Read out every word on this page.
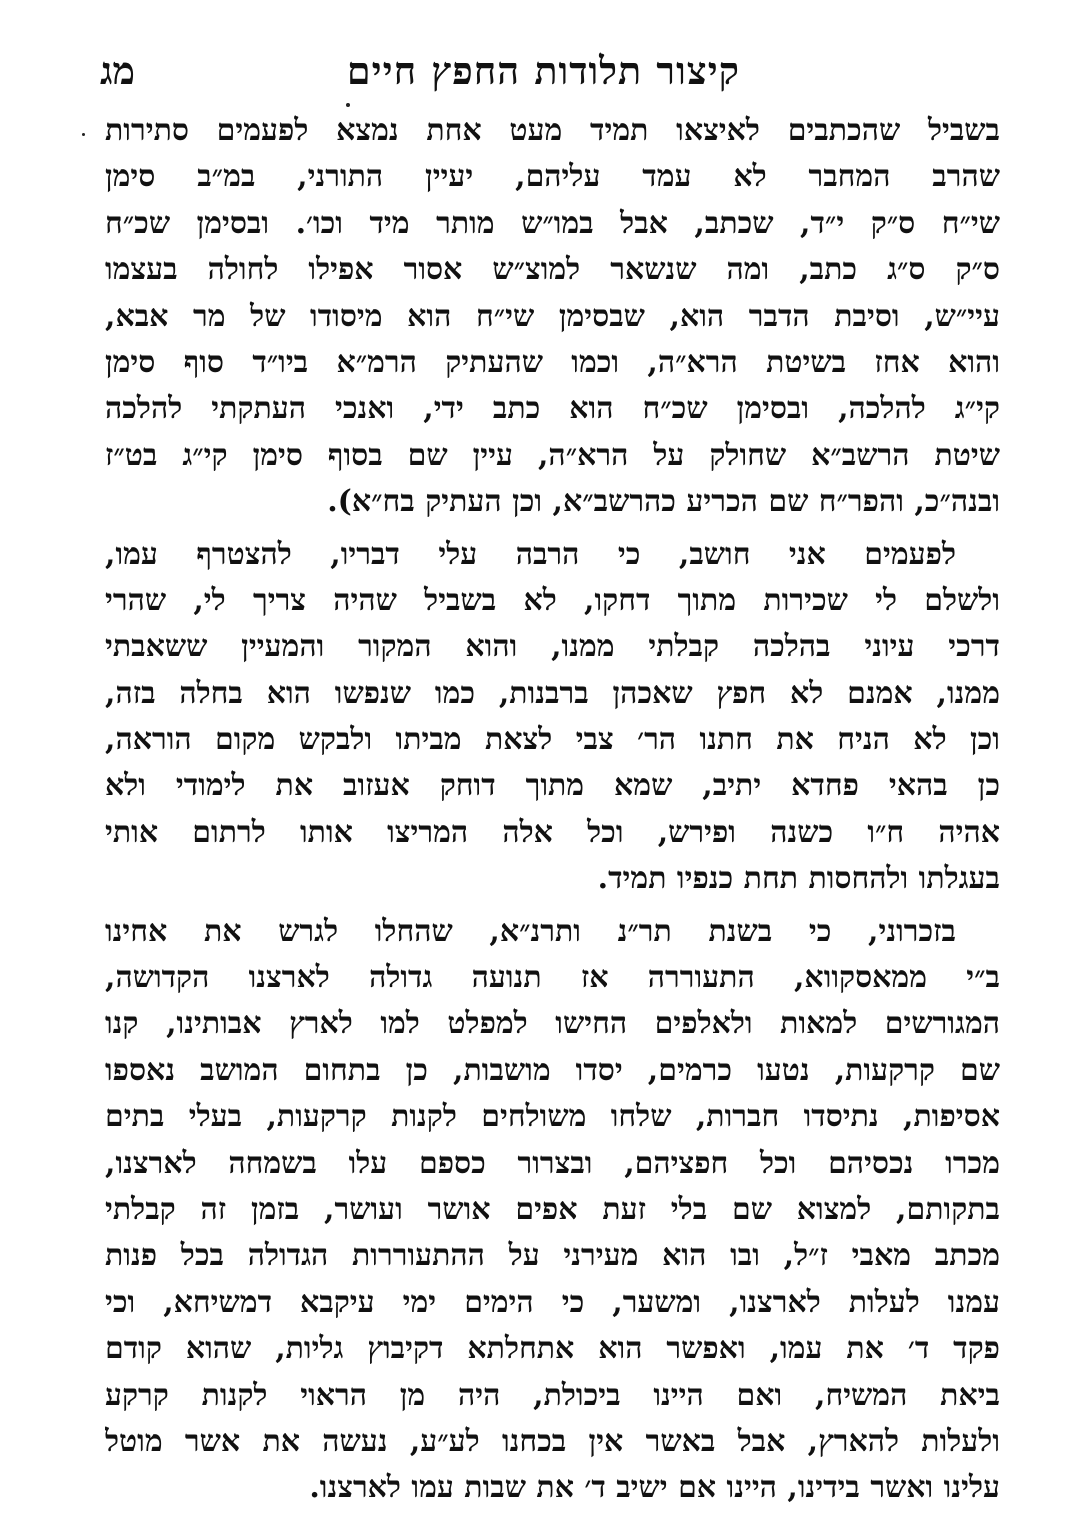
קיצור תלודות החפץ חיים
מג
בשביל שהכתבים לאיצאו תמיד מעט אחת נמצא לפעמים סתירות
שהרב המחבר לא עמד עליהם, יעיין התורני, במ״ב סימן
שי״ח ס״ק י״ד, שכתב, אבל במו״ש מותר מיד וכו׳. ובסימן שכ״ח
ס״ק ס״ג כתב, ומה שנשאר למוצ״ש אסור אפילו לחולה בעצמו
עיי״ש, וסיבת הדבר הוא, שבסימן שי״ח הוא מיסודו של מר אבא,
והוא אחז בשיטת הרא״ה, וכמו שהעתיק הרמ״א ביו״ד סוף סימן
קי״ג להלכה, ובסימן שכ״ח הוא כתב ידי, ואנכי העתקתי להלכה
שיטת הרשב״א שחולק על הרא״ה, עיין שם בסוף סימן קי״ג בט״ז
ובנה״כ, והפר״ח שם הכריע כהרשב״א, וכן העתיק בח״א).
לפעמים אני חושב, כי הרבה עלי דבריו, להצטרף עמו,
ולשלם לי שכירות מתוך דחקו, לא בשביל שהיה צריך לי, שהרי
דרכי עיוני בהלכה קבלתי ממנו, והוא המקור והמעיין ששאבתי
ממנו, אמנם לא חפץ שאכהן ברבנות, כמו שנפשו הוא בחלה בזה,
וכן לא הניח את חתנו הר׳ צבי לצאת מביתו ולבקש מקום הוראה,
כן בהאי פחדא יתיב, שמא מתוך דוחק אעזוב את לימודי ולא
אהיה ח״ו כשנה ופירש, וכל אלה המריצו אותו לרתום אותי
בעגלתו ולהחסות תחת כנפיו תמיד.
בזכרוני, כי בשנת תר״נ ותרנ״א, שהחלו לגרש את אחינו
ב״י ממאסקווא, התעוררה אז תנועה גדולה לארצנו הקדושה,
המגורשים למאות ולאלפים החישו למפלט למו לארץ אבותינו, קנו
שם קרקעות, נטעו כרמים, יסדו מושבות, כן בתחום המושב נאספו
אסיפות, נתיסדו חברות, שלחו משולחים לקנות קרקעות, בעלי בתים
מכרו נכסיהם וכל חפציהם, ובצרור כספם עלו בשמחה לארצנו,
בתקותם, למצוא שם בלי זעת אפים אושר ועושר, בזמן זה קבלתי
מכתב מאבי ז״ל, ובו הוא מעירני על ההתעוררות הגדולה בכל פנות
עמנו לעלות לארצנו, ומשער, כי הימים ימי עיקבא דמשיחא, וכי
פקד ד׳ את עמו, ואפשר הוא אתחלתא דקיבוץ גליות, שהוא קודם
ביאת המשיח, ואם היינו ביכולת, היה מן הראוי לקנות קרקע
ולעלות להארץ, אבל באשר אין בכחנו לע״ע, נעשה את אשר מוטל
עלינו ואשר בידינו, היינו אם ישיב ד׳ את שבות עמו לארצנו.
